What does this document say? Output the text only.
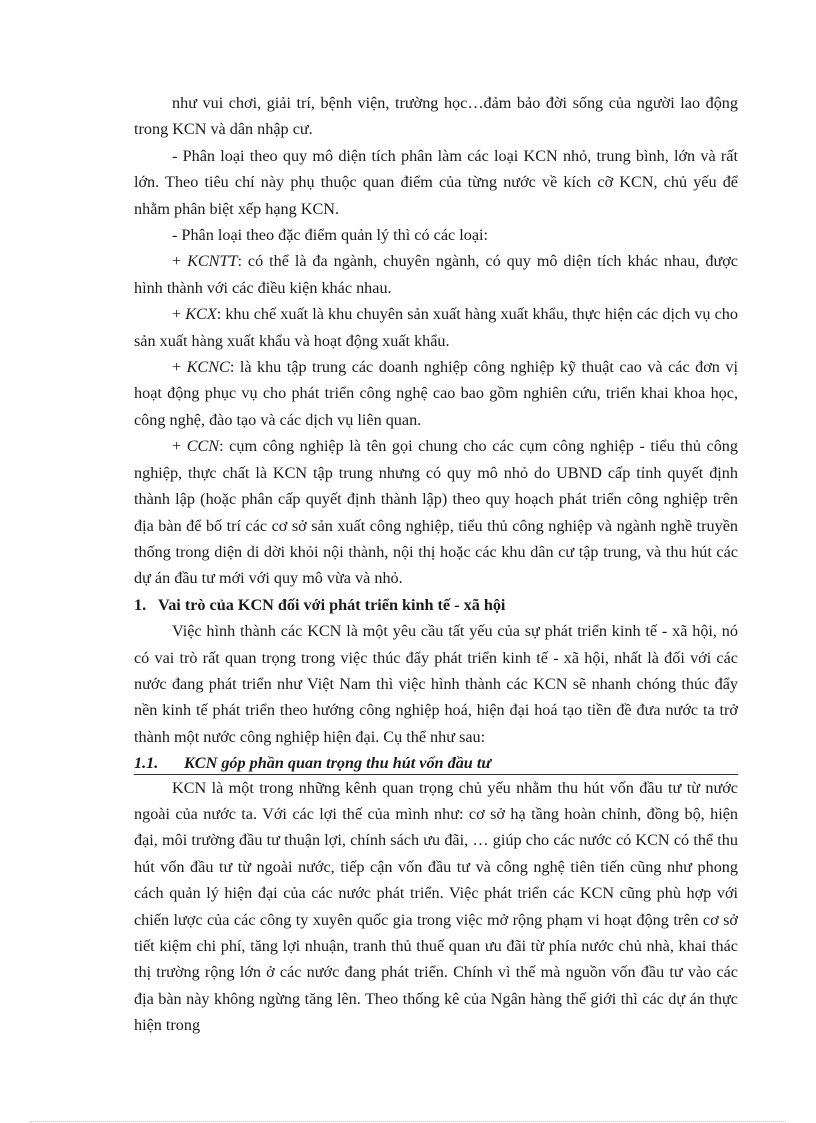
như vui chơi, giải trí, bệnh viện, trường học…đảm bảo đời sống của người lao động trong KCN và dân nhập cư.

- Phân loại theo quy mô diện tích phân làm các loại KCN nhỏ, trung bình, lớn và rất lớn. Theo tiêu chí này phụ thuộc quan điểm của từng nước về kích cỡ KCN, chủ yếu để nhằm phân biệt xếp hạng KCN.

- Phân loại theo đặc điểm quản lý thì có các loại:

+ KCNTT: có thể là đa ngành, chuyên ngành, có quy mô diện tích khác nhau, được hình thành với các điều kiện khác nhau.

+ KCX: khu chế xuất là khu chuyên sản xuất hàng xuất khẩu, thực hiện các dịch vụ cho sản xuất hàng xuất khẩu và hoạt động xuất khẩu.

+ KCNC: là khu tập trung các doanh nghiệp công nghiệp kỹ thuật cao và các đơn vị hoạt động phục vụ cho phát triển công nghệ cao bao gồm nghiên cứu, triển khai khoa học, công nghệ, đào tạo và các dịch vụ liên quan.

+ CCN: cụm công nghiệp là tên gọi chung cho các cụm công nghiệp - tiểu thủ công nghiệp, thực chất là KCN tập trung nhưng có quy mô nhỏ do UBND cấp tỉnh quyết định thành lập (hoặc phân cấp quyết định thành lập) theo quy hoạch phát triển công nghiệp trên địa bàn để bố trí các cơ sở sản xuất công nghiệp, tiểu thủ công nghiệp và ngành nghề truyền thống trong diện di dời khỏi nội thành, nội thị hoặc các khu dân cư tập trung, và thu hút các dự án đầu tư mới với quy mô vừa và nhỏ.

1. Vai trò của KCN đối với phát triển kinh tế - xã hội

Việc hình thành các KCN là một yêu cầu tất yếu của sự phát triển kinh tế - xã hội, nó có vai trò rất quan trọng trong việc thúc đẩy phát triển kinh tế - xã hội, nhất là đối với các nước đang phát triển như Việt Nam thì việc hình thành các KCN sẽ nhanh chóng thúc đẩy nền kinh tế phát triển theo hướng công nghiệp hoá, hiện đại hoá tạo tiền đề đưa nước ta trở thành một nước công nghiệp hiện đại. Cụ thể như sau:

1.1. KCN góp phần quan trọng thu hút vốn đầu tư

KCN là một trong những kênh quan trọng chủ yếu nhằm thu hút vốn đầu tư từ nước ngoài của nước ta. Với các lợi thế của mình như: cơ sở hạ tầng hoàn chỉnh, đồng bộ, hiện đại, môi trường đầu tư thuận lợi, chính sách ưu đãi, … giúp cho các nước có KCN có thể thu hút vốn đầu tư từ ngoài nước, tiếp cận vốn đầu tư và công nghệ tiên tiến cũng như phong cách quản lý hiện đại của các nước phát triển. Việc phát triển các KCN cũng phù hợp với chiến lược của các công ty xuyên quốc gia trong việc mở rộng phạm vi hoạt động trên cơ sở tiết kiệm chi phí, tăng lợi nhuận, tranh thủ thuế quan ưu đãi từ phía nước chủ nhà, khai thác thị trường rộng lớn ở các nước đang phát triển. Chính vì thế mà nguồn vốn đầu tư vào các địa bàn này không ngừng tăng lên. Theo thống kê của Ngân hàng thế giới thì các dự án thực hiện trong
